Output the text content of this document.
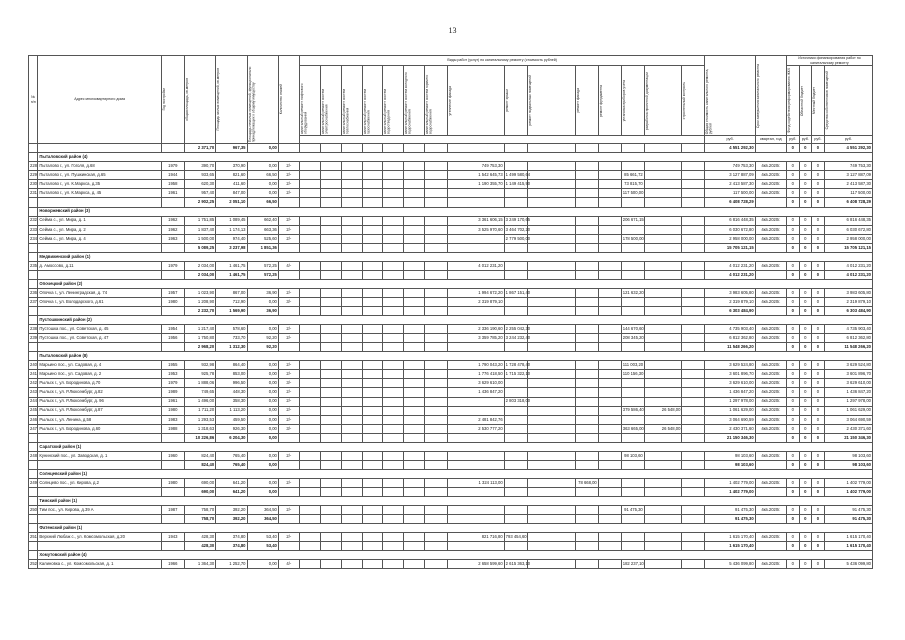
13
№ п/п	Адрес многоквартирного дома	Год постройки	общая площадь, кв.метров	Площадь жилых помещений, кв.метров	Площадь нежилых помещений, функционально принадлежащих к общему имуществу	Количество этажей	Виды работ (услуг) по капитальному ремонту (стоимость рублей)															Общая стоимость капитального ремонта, рублей	Срок завершения капитального ремонта	Источники финансирования работ по капитальному ремонту			

							капитальный ремонт лифтового оборудования	капитальный ремонт систем электроснабжения	капитальный ремонт систем теплоснабжения	капитальный ремонт систем газоснабжения	капитальный ремонт систем водоотведения	капитальный ремонт систем холодного водоснабжения	капитальный ремонт систем горячего водоснабжения	утепление фасада	ремонт крыши	ремонт подвальных помещений	ремонт фасада	ремонт фундамента	установка приборов учета	разработка проектной документации	строительный контроль			Фонд содействия реформированию ЖКХ	Областной бюджет	Местный бюджет	Средства собственников помещений

																						руб.	квартал, год	руб.	руб.	руб.	руб.
			2 371,70	967,35	0,00																	4 551 292,30		0	0	0	4 551 292,30
	Пыталовский район (4)																										
228	Пыталово г., ул. Гоголя, д.68	1979	390,70	370,90	0,00	2/-								749 753,30								749 753,30	4кв.2020г.	0	0	0	749 753,30
229	Пыталово г., ул. Пушкинская, д.65	1944	933,65	821,60	66,50	2/-								1 542 645,73	1 499 580,64				85 661,72			3 127 887,09	4кв.2020г.	0	0	0	3 127 887,09
230	Пыталово г., ул. К.Маркса, д.35	1958	620,30	411,60	0,00	2/-								1 190 355,70	1 149 415,90				73 815,70			2 413 587,30	4кв.2020г.	0	0	0	2 413 587,30
231	Пыталово г., ул. К.Маркса, д. 45	1961	957,40	847,00	0,00	2/-													117 500,00			117 500,00	4кв.2020г.	0	0	0	117 500,00
			2 902,25	2 051,10	66,50																	6 408 728,29		0	0	0	6 408 728,29
	Новоржевский район (3)																										
232	Сейма с., ул. Мира, д. 1	1962	1 751,85	1 089,45	662,40	2/-								3 361 606,15	3 249 170,65				206 671,15			6 816 448,35	4кв.2020г.	0	0	0	6 816 448,35
233	Сейма с., ул. Мира, д. 2	1962	1 837,40	1 174,13	663,36	2/-								3 525 970,60	3 464 702,20							6 030 672,80	4кв.2020г.	0	0	0	6 030 672,80
234	Сейма с., ул. Мира, д. 4	1963	1 500,00	974,40	525,60	2/-									2 779 500,00				178 500,00			2 958 000,00	4кв.2020г.	0	0	0	2 958 000,00
			5 089,25	3 237,98	1 851,36																	15 705 121,15		0	0	0	15 705 121,15
	Медвиженский район (1)																										
235	д. Амоссово, д.11	1979	2 034,00	1 461,75	572,25	4/-								4 012 231,20								4 012 231,20	4кв.2020г.	0	0	0	4 012 231,20
			2 034,00	1 461,75	572,25																	4 012 231,20		0	0	0	4 012 231,20
	Опочецкий район (2)																										
236	Опочка г., ул. Ленинградская, д. 74	1957	1 023,90	867,00	36,90	2/-								1 994 672,20	1 867 151,40				121 632,20			3 983 605,80	4кв.2020г.	0	0	0	3 983 605,80
237	Опочка г., ул. Володарского, д.61	1980	1 208,90	712,90	0,00	3/-								2 319 879,10								2 319 879,10	4кв.2020г.	0	0	0	2 319 879,10
			2 232,70	1 569,90	36,90																	6 303 484,90		0	0	0	6 303 484,90
	Пустошкинский район (2)																										
238	Пустошка пос., ул. Советская, д. 45	1954	1 217,40	578,60	0,00	2/-								2 336 190,60	2 255 042,30				144 670,60			4 735 903,40	4кв.2020г.	0	0	0	4 735 903,40
239	Пустошка пос., ул. Советская, д. 47	1956	1 750,80	733,70	92,20	2/-								3 359 785,20	3 244 232,40				208 345,20			6 812 362,80	4кв.2020г.	0	0	0	6 812 362,80
			2 968,20	1 312,30	92,20																	11 548 266,20		0	0	0	11 548 266,20
	Пыталовский район (8)																										
240	Марьино пос., ул. Садовая, д. 4	1955	932,98	864,40	0,00	2/-								1 790 043,20	1 728 478,40				111 003,20			3 629 524,80	4кв.2020г.	0	0	0	3 629 524,80
241	Марьино пос., ул. Садовая, д. 2	1953	925,78	853,00	0,00	2/-								1 776 418,50	1 715 322,10				110 156,30			3 601 896,70	4кв.2020г.	0	0	0	3 601 896,70
242	Рыльск г., ул. Бородинова, д.70	1979	1 888,06	996,50	0,00	3/-								3 629 610,00								3 629 610,00	4кв.2020г.	0	0	0	3 629 610,00
243	Рыльск г., ул. Р.Люксембург, д.82	1989	749,65	448,30	0,00	2/-								1 436 847,20								1 436 847,20	4кв.2020г.	0	0	0	1 436 847,20
244	Рыльск г., ул. Р.Люксембург, д. 96	1961	1 496,00	358,30	0,00	2/-									2 803 318,00							1 297 978,00	4кв.2020г.	0	0	0	1 297 978,00
245	Рыльск г., ул. Р.Люксембург, д.87	1980	1 711,20	1 113,20	0,00	2/-													379 586,40	26 548,00		1 061 629,00	4кв.2020г.	0	0	0	1 061 629,00
246	Рыльск г., ул. Ленина, д.58	1983	1 293,53	459,50	0,00	2/-								2 481 842,76								3 064 690,59	4кв.2020г.	0	0	0	3 064 690,59
247	Рыльск г., ул. Бородинова, д.60	1988	1 318,63	926,30	0,00	3/-								2 530 777,20					363 665,00	26 548,00		2 430 371,60	4кв.2020г.	0	0	0	2 430 371,60
			10 226,86	6 204,30	0,00																	21 150 346,30		0	0	0	21 150 346,30
	Саратский район (1)																										
248	Кунинский пос., ул. Заводская, д. 1	1960	824,40	765,40	0,00	2/-													98 103,60			98 103,60	4кв.2020г.	0	0	0	98 103,60
			824,40	765,40	0,00																	98 103,60		0	0	0	98 103,60
	Солнцевский район (1)																										
249	Солнцево пос., ул. Кирова, д.2	1980	690,00	641,20	0,00	2/-								1 324 113,00			78 668,00					1 402 779,00	4кв.2020г.	0	0	0	1 402 779,00
			690,00	641,20	0,00																	1 402 779,00		0	0	0	1 402 779,00
	Тимский район (1)																										
250	Тим пос., ул. Кирова, д.39 А	1987	758,70	392,20	364,50	2/-													91 475,30			91 475,30	4кв.2020г.	0	0	0	91 475,30
			758,70	392,20	364,50																	91 475,30		0	0	0	91 475,30
	Фатежский район (1)																										
251	Верхний Любаж с., ул. Комсомольская, д.20	1943	428,30	374,80	53,40	2/-								821 716,80	793 454,60							1 615 170,40	4кв.2020г.	0	0	0	1 615 170,40
			428,30	374,80	53,40																	1 615 170,40		0	0	0	1 615 170,40
	Хомутовский район (4)																										
252	Калиновка с., ул. Комсомольская, д. 1	1966	1 364,30	1 252,70	0,00	4/-								2 658 599,60	2 615 363,10				182 237,10			5 436 099,80	4кв.2020г.	0	0	0	5 436 099,80
